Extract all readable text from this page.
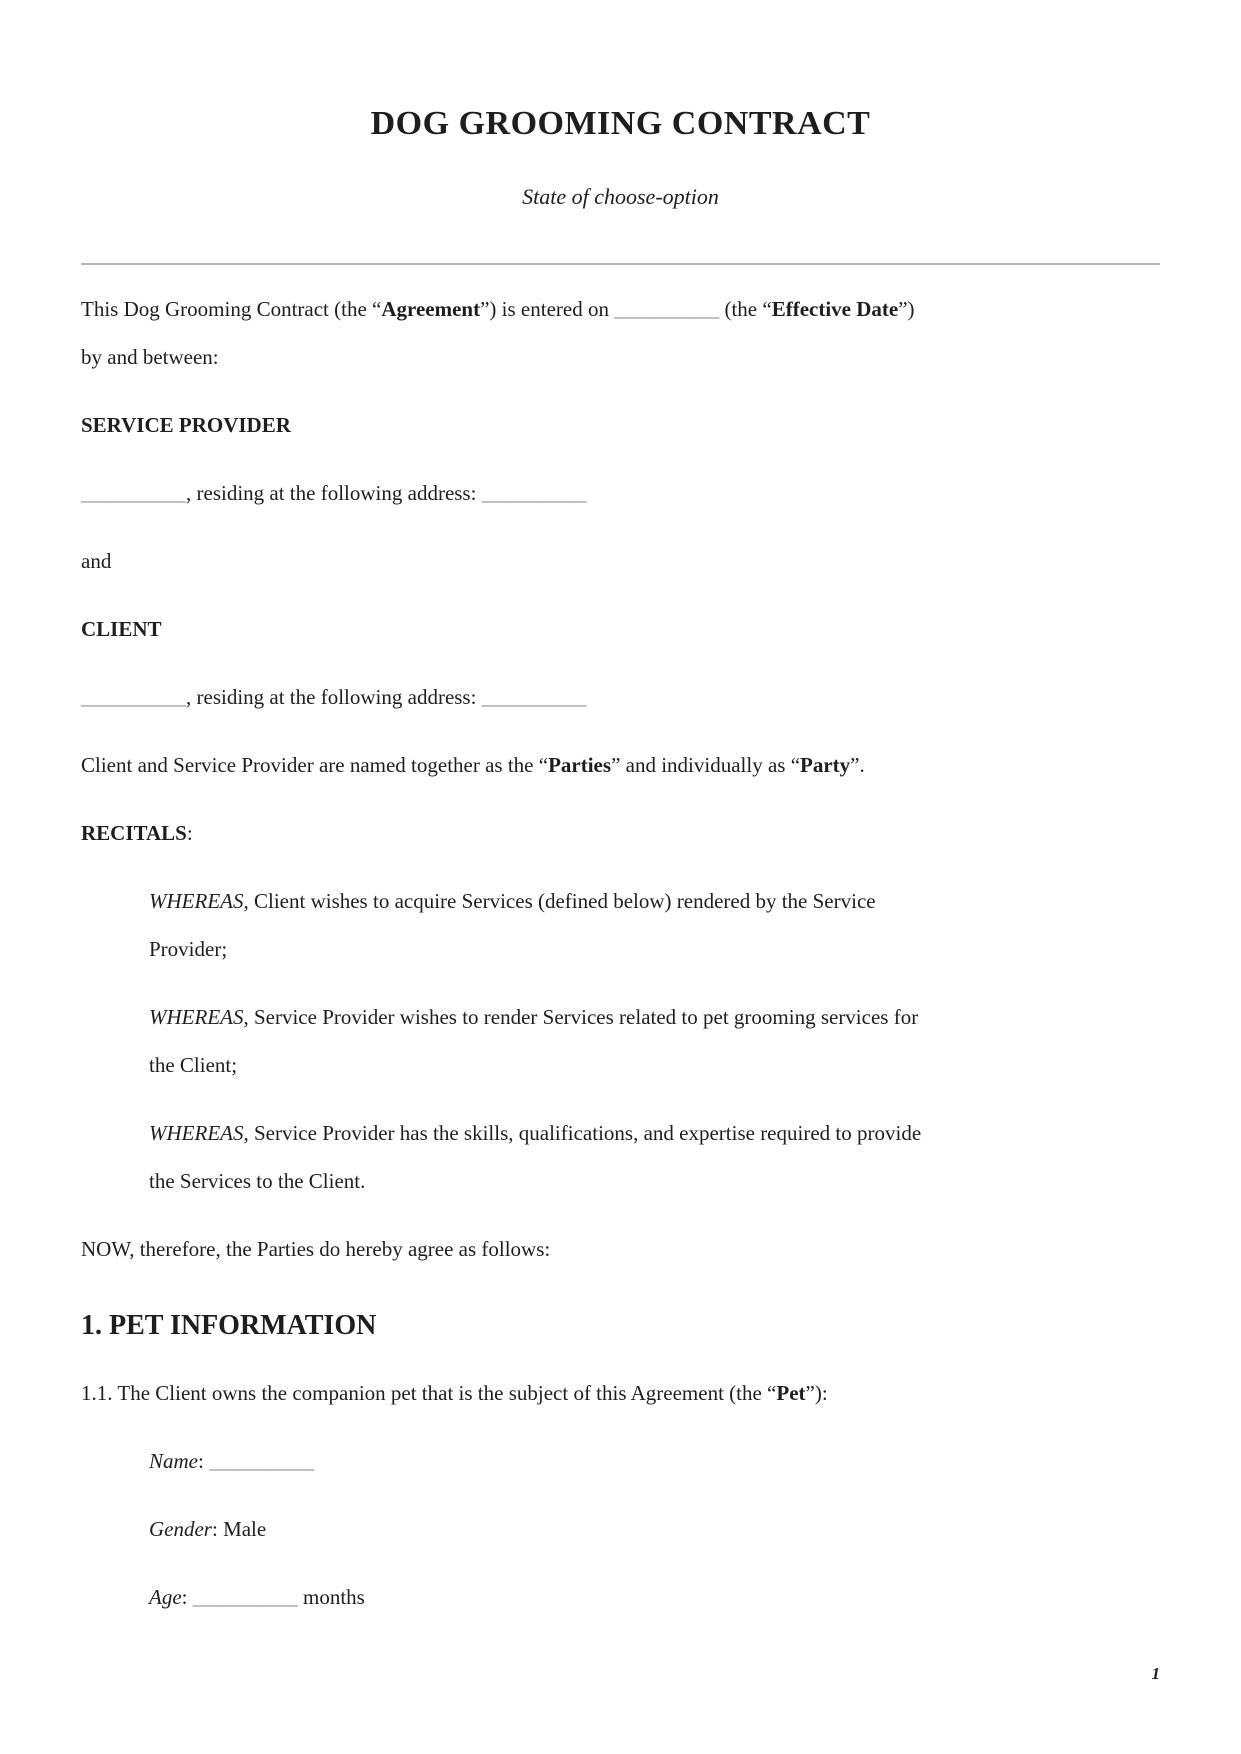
DOG GROOMING CONTRACT
State of choose-option

This Dog Grooming Contract (the “Agreement”) is entered on __________ (the “Effective Date”)
by and between:

SERVICE PROVIDER

__________, residing at the following address: __________

and

CLIENT

__________, residing at the following address: __________

Client and Service Provider are named together as the “Parties” and individually as “Party”.

RECITALS:

WHEREAS, Client wishes to acquire Services (defined below) rendered by the Service
Provider;

WHEREAS, Service Provider wishes to render Services related to pet grooming services for
the Client;

WHEREAS, Service Provider has the skills, qualifications, and expertise required to provide
the Services to the Client.

NOW, therefore, the Parties do hereby agree as follows:

1. PET INFORMATION

1.1. The Client owns the companion pet that is the subject of this Agreement (the “Pet”):

Name: __________

Gender: Male

Age: __________ months

1
